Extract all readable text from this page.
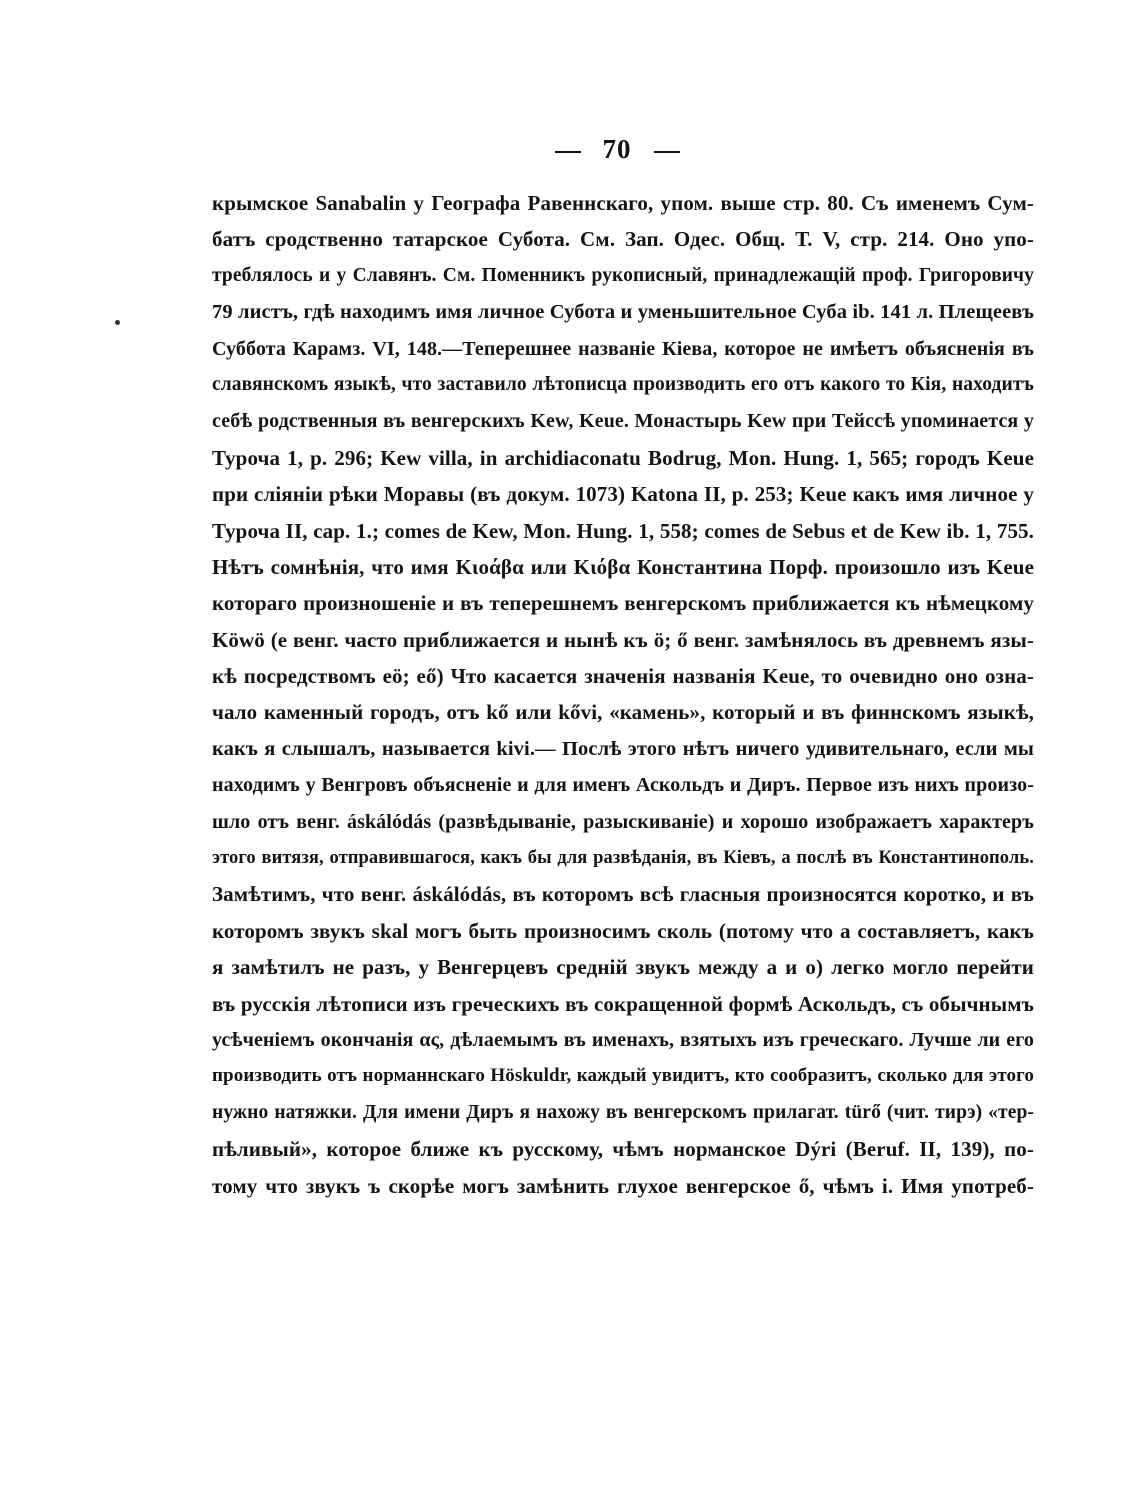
70
крымское Sanabalin у Географа Равеннскаго, упом. выше стр. 80. Съ именемъ Сум-
батъ сродственно татарское Субота. См. Зап. Одес. Общ. Т. V, стр. 214. Оно упо-
треблялось и у Славянъ. См. Поменникъ рукописный, принадлежащій проф. Григоровичу
79 листъ, гдѣ находимъ имя личное Субота и уменьшительное Суба ib. 141 л. Плещеевъ
Суббота Карамз. VI, 148.—Теперешнее названіе Кіева, которое не имѣетъ объясненія въ
славянскомъ языкѣ, что заставило лѣтописца производить его отъ какого то Кія, находитъ
себѣ родственныя въ венгерскихъ Kew, Keue. Монастырь Kew при Тейссѣ упоминается у
Туроча 1, p. 296; Kew villa, in archidiaconatu Bodrug, Mon. Hung. 1, 565; городъ Keue
при сліяніи рѣки Моравы (въ докум. 1073) Katona II, p. 253; Keue какъ имя личное у
Туроча II, cap. 1.; comes de Kew, Mon. Hung. 1, 558; comes de Sebus et de Kew ib. 1, 755.
Нѣтъ сомнѣнія, что имя Κιοάβα или Κιόβα Константина Порф. произошло изъ Keue
котораго произношеніе и въ теперешнемъ венгерскомъ приближается къ нѣмецкому
Köwö (e венг. часто приближается и нынѣ къ ö; ő венг. замѣнялось въ древнемъ язы-
кѣ посредствомъ eö; eő) Что касается значенія названія Keue, то очевидно оно озна-
чало каменный городъ, отъ kő или kővi, «камень», который и въ финнскомъ языкѣ,
какъ я слышалъ, называется kivi.— Послѣ этого нѣтъ ничего удивительнаго, если мы
находимъ у Венгровъ объясненіе и для именъ Аскольдъ и Диръ. Первое изъ нихъ произо-
шло отъ венг. áskálódás (развѣдываніе, разыскиваніе) и хорошо изображаетъ характеръ
этого витязя, отправившагося, какъ бы для развѣданія, въ Кіевъ, а послѣ въ Константинополь.
Замѣтимъ, что венг. áskálódás, въ которомъ всѣ гласныя произносятся коротко, и въ
которомъ звукъ skal могъ быть произносимъ сколь (потому что a составляетъ, какъ
я замѣтилъ не разъ, у Венгерцевъ средній звукъ между а и о) легко могло перейти
въ русскія лѣтописи изъ греческихъ въ сокращенной формѣ Аскольдъ, съ обычнымъ
усѣченіемъ окончанія ας, дѣлаемымъ въ именахъ, взятыхъ изъ греческаго. Лучше ли его
производить отъ норманнскаго Höskuldr, каждый увидитъ, кто сообразитъ, сколько для этого
нужно натяжки. Для имени Диръ я нахожу въ венгерскомъ прилагат. türő (чит. тирэ) «тер-
пѣливый», которое ближе къ русскому, чѣмъ норманское Dýri (Beruf. II, 139), по-
тому что звукъ ъ скорѣе могъ замѣнить глухое венгерское ő, чѣмъ і. Имя употреб-
